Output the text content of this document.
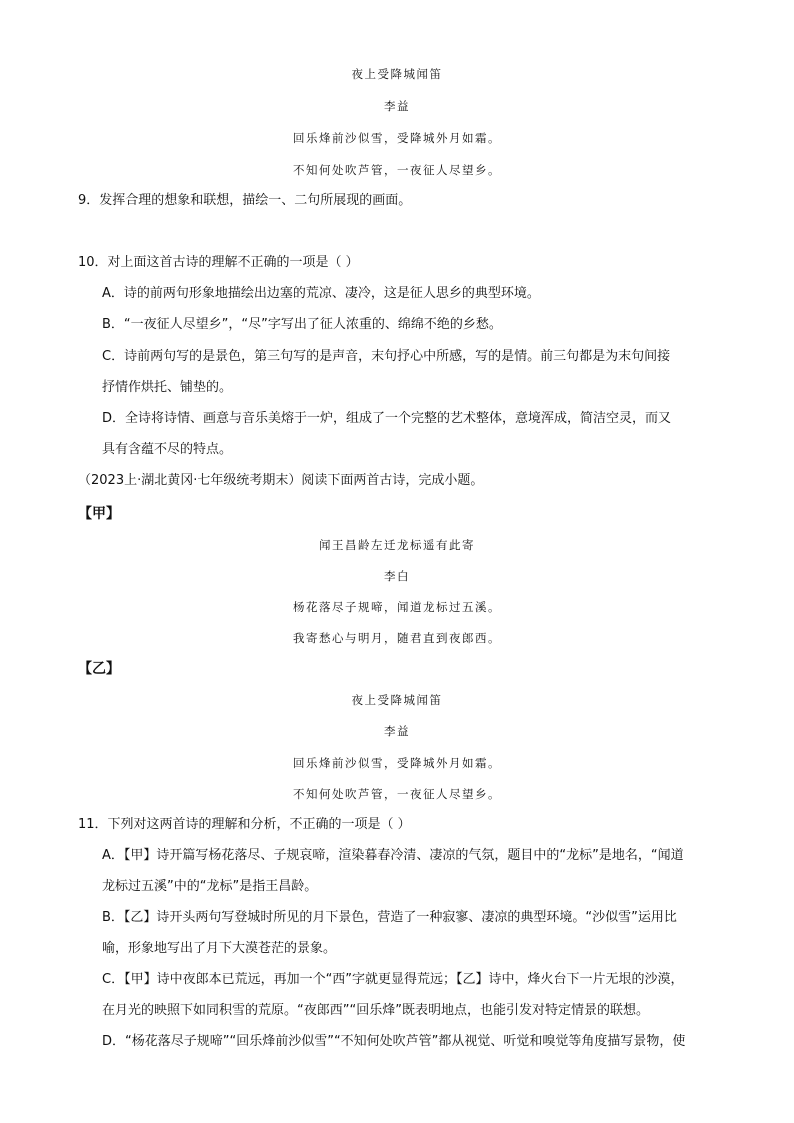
夜上受降城闻笛
李益
回乐烽前沙似雪，受降城外月如霜。
不知何处吹芦管，一夜征人尽望乡。
9．发挥合理的想象和联想，描绘一、二句所展现的画面。
10．对上面这首古诗的理解不正确的一项是（ ）
A．诗的前两句形象地描绘出边塞的荒凉、凄冷，这是征人思乡的典型环境。
B．“一夜征人尽望乡”，“尽”字写出了征人浓重的、绵绵不绝的乡愁。
C．诗前两句写的是景色，第三句写的是声音，末句抒心中所感，写的是情。前三句都是为末句间接
抒情作烘托、铺垫的。
D．全诗将诗情、画意与音乐美熔于一炉，组成了一个完整的艺术整体，意境浑成，简洁空灵，而又
具有含蕴不尽的特点。
（2023上·湖北黄冈·七年级统考期末）阅读下面两首古诗，完成小题。
【甲】
闻王昌龄左迁龙标遥有此寄
李白
杨花落尽子规啼，闻道龙标过五溪。
我寄愁心与明月，随君直到夜郎西。
【乙】
夜上受降城闻笛
李益
回乐烽前沙似雪，受降城外月如霜。
不知何处吹芦管，一夜征人尽望乡。
11．下列对这两首诗的理解和分析，不正确的一项是（ ）
A．【甲】诗开篇写杨花落尽、子规哀啼，渲染暮春冷清、凄凉的气氛，题目中的“龙标”是地名，“闻道
龙标过五溪”中的“龙标”是指王昌龄。
B．【乙】诗开头两句写登城时所见的月下景色，营造了一种寂寥、凄凉的典型环境。“沙似雪”运用比
喻，形象地写出了月下大漠苍茫的景象。
C．【甲】诗中夜郎本已荒远，再加一个“西”字就更显得荒远；【乙】诗中，烽火台下一片无垠的沙漠，
在月光的映照下如同积雪的荒原。“夜郎西”“回乐烽”既表明地点，也能引发对特定情景的联想。
D．“杨花落尽子规啼”“回乐烽前沙似雪”“不知何处吹芦管”都从视觉、听觉和嗅觉等角度描写景物，使
